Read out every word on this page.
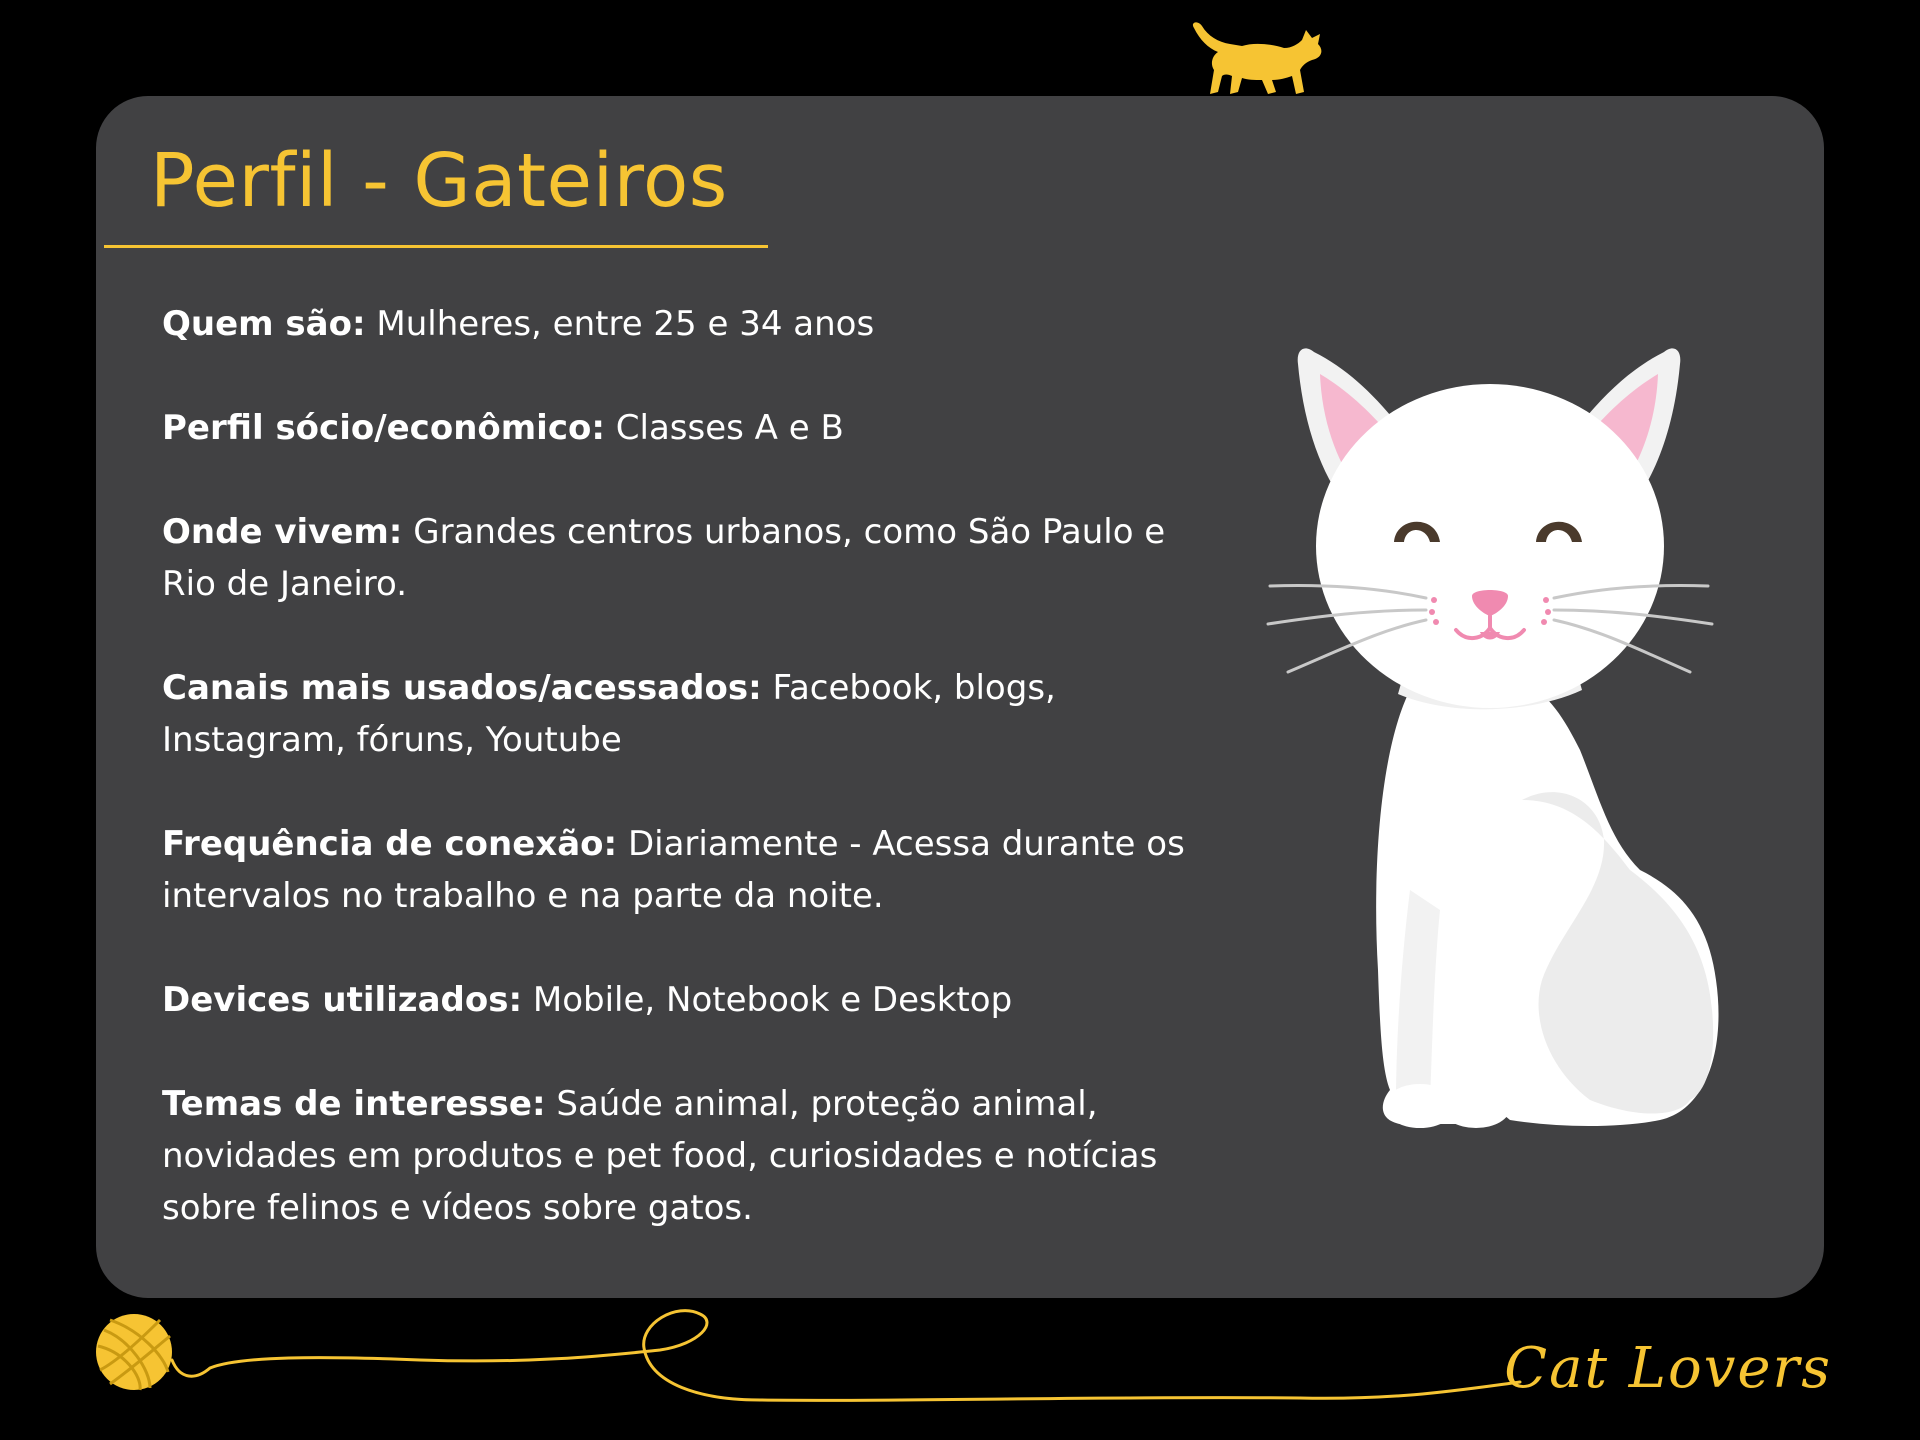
Perfil - Gateiros

Quem são: Mulheres, entre 25 e 34 anos

Perfil sócio/econômico: Classes A e B

Onde vivem: Grandes centros urbanos, como São Paulo e Rio de Janeiro.

Canais mais usados/acessados: Facebook, blogs, Instagram, fóruns, Youtube

Frequência de conexão: Diariamente - Acessa durante os intervalos no trabalho e na parte da noite.

Devices utilizados: Mobile, Notebook e Desktop

Temas de interesse: Saúde animal, proteção animal, novidades em produtos e pet food, curiosidades e notícias sobre felinos e vídeos sobre gatos.

Cat Lovers
